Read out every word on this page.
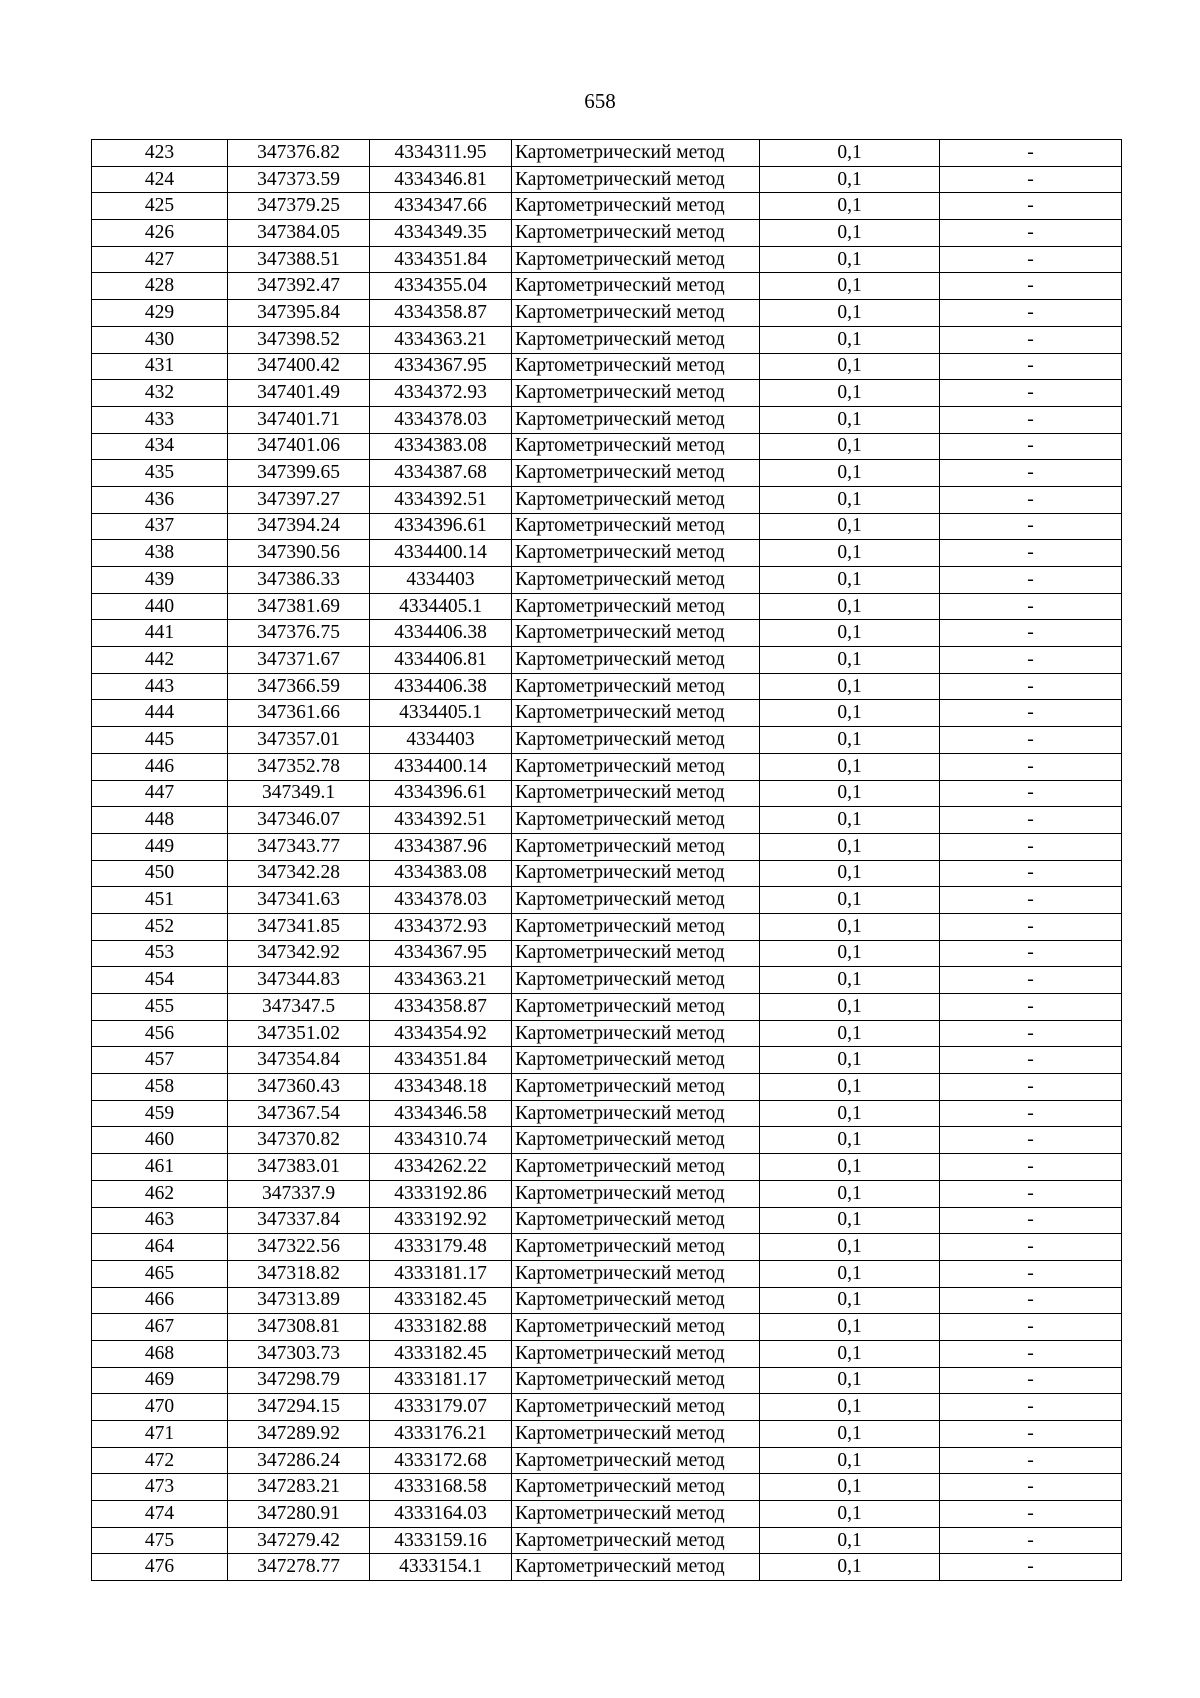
658
423	347376.82	4334311.95	Картометрический метод	0,1	-
424	347373.59	4334346.81	Картометрический метод	0,1	-
425	347379.25	4334347.66	Картометрический метод	0,1	-
426	347384.05	4334349.35	Картометрический метод	0,1	-
427	347388.51	4334351.84	Картометрический метод	0,1	-
428	347392.47	4334355.04	Картометрический метод	0,1	-
429	347395.84	4334358.87	Картометрический метод	0,1	-
430	347398.52	4334363.21	Картометрический метод	0,1	-
431	347400.42	4334367.95	Картометрический метод	0,1	-
432	347401.49	4334372.93	Картометрический метод	0,1	-
433	347401.71	4334378.03	Картометрический метод	0,1	-
434	347401.06	4334383.08	Картометрический метод	0,1	-
435	347399.65	4334387.68	Картометрический метод	0,1	-
436	347397.27	4334392.51	Картометрический метод	0,1	-
437	347394.24	4334396.61	Картометрический метод	0,1	-
438	347390.56	4334400.14	Картометрический метод	0,1	-
439	347386.33	4334403	Картометрический метод	0,1	-
440	347381.69	4334405.1	Картометрический метод	0,1	-
441	347376.75	4334406.38	Картометрический метод	0,1	-
442	347371.67	4334406.81	Картометрический метод	0,1	-
443	347366.59	4334406.38	Картометрический метод	0,1	-
444	347361.66	4334405.1	Картометрический метод	0,1	-
445	347357.01	4334403	Картометрический метод	0,1	-
446	347352.78	4334400.14	Картометрический метод	0,1	-
447	347349.1	4334396.61	Картометрический метод	0,1	-
448	347346.07	4334392.51	Картометрический метод	0,1	-
449	347343.77	4334387.96	Картометрический метод	0,1	-
450	347342.28	4334383.08	Картометрический метод	0,1	-
451	347341.63	4334378.03	Картометрический метод	0,1	-
452	347341.85	4334372.93	Картометрический метод	0,1	-
453	347342.92	4334367.95	Картометрический метод	0,1	-
454	347344.83	4334363.21	Картометрический метод	0,1	-
455	347347.5	4334358.87	Картометрический метод	0,1	-
456	347351.02	4334354.92	Картометрический метод	0,1	-
457	347354.84	4334351.84	Картометрический метод	0,1	-
458	347360.43	4334348.18	Картометрический метод	0,1	-
459	347367.54	4334346.58	Картометрический метод	0,1	-
460	347370.82	4334310.74	Картометрический метод	0,1	-
461	347383.01	4334262.22	Картометрический метод	0,1	-
462	347337.9	4333192.86	Картометрический метод	0,1	-
463	347337.84	4333192.92	Картометрический метод	0,1	-
464	347322.56	4333179.48	Картометрический метод	0,1	-
465	347318.82	4333181.17	Картометрический метод	0,1	-
466	347313.89	4333182.45	Картометрический метод	0,1	-
467	347308.81	4333182.88	Картометрический метод	0,1	-
468	347303.73	4333182.45	Картометрический метод	0,1	-
469	347298.79	4333181.17	Картометрический метод	0,1	-
470	347294.15	4333179.07	Картометрический метод	0,1	-
471	347289.92	4333176.21	Картометрический метод	0,1	-
472	347286.24	4333172.68	Картометрический метод	0,1	-
473	347283.21	4333168.58	Картометрический метод	0,1	-
474	347280.91	4333164.03	Картометрический метод	0,1	-
475	347279.42	4333159.16	Картометрический метод	0,1	-
476	347278.77	4333154.1	Картометрический метод	0,1	-
